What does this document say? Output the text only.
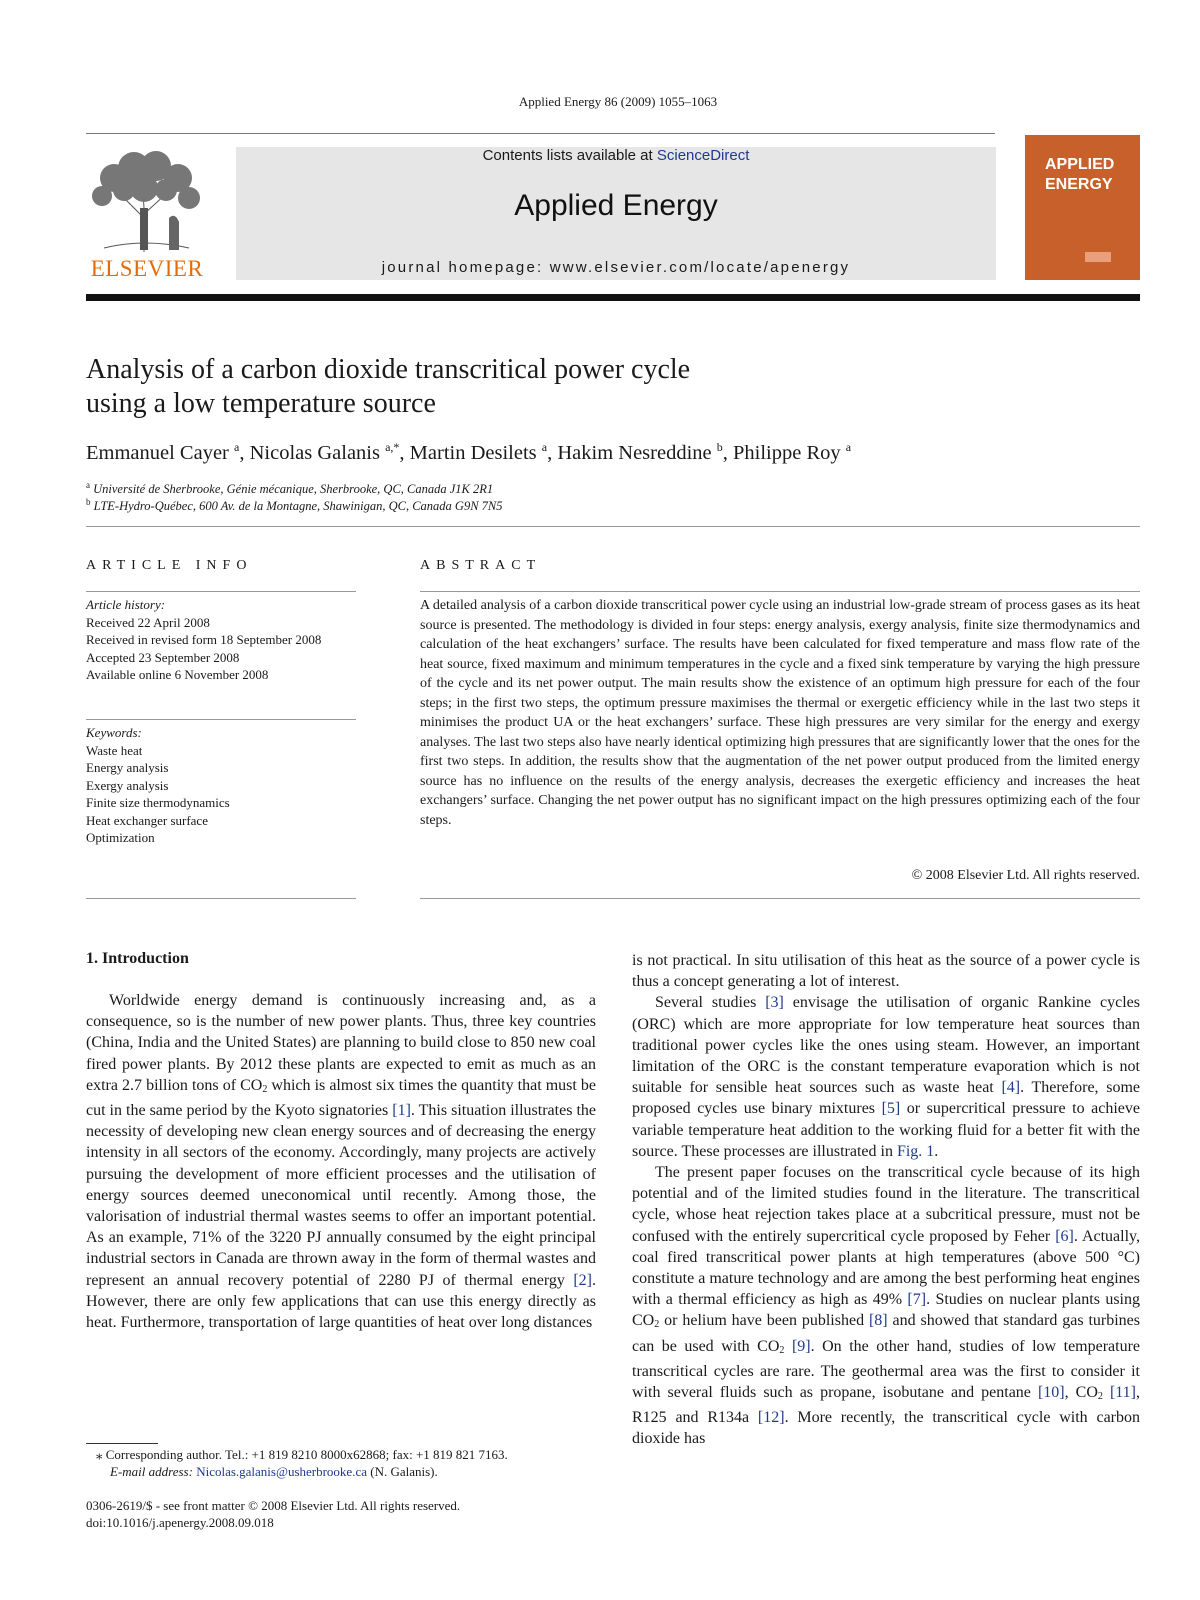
Applied Energy 86 (2009) 1055–1063
ELSEVIER
Contents lists available at ScienceDirect
Applied Energy
journal homepage: www.elsevier.com/locate/apenergy
APPLIED
ENERGY
Analysis of a carbon dioxide transcritical power cycle
using a low temperature source
Emmanuel Cayer $^a$, Nicolas Galanis $^{a,*}$, Martin Desilets $^a$, Hakim Nesreddine $^b$, Philippe Roy $^a$
$^a$ Université de Sherbrooke, Génie mécanique, Sherbrooke, QC, Canada J1K 2R1
$^b$ LTE-Hydro-Québec, 600 Av. de la Montagne, Shawinigan, QC, Canada G9N 7N5
ARTICLE INFO
Article history:
Received 22 April 2008
Received in revised form 18 September 2008
Accepted 23 September 2008
Available online 6 November 2008
Keywords:
Waste heat
Energy analysis
Exergy analysis
Finite size thermodynamics
Heat exchanger surface
Optimization
ABSTRACT
A detailed analysis of a carbon dioxide transcritical power cycle using an industrial low-grade stream of process gases as its heat source is presented. The methodology is divided in four steps: energy analysis, exergy analysis, finite size thermodynamics and calculation of the heat exchangers’ surface. The results have been calculated for fixed temperature and mass flow rate of the heat source, fixed maximum and minimum temperatures in the cycle and a fixed sink temperature by varying the high pressure of the cycle and its net power output. The main results show the existence of an optimum high pressure for each of the four steps; in the first two steps, the optimum pressure maximises the thermal or exergetic efficiency while in the last two steps it minimises the product UA or the heat exchangers’ surface. These high pressures are very similar for the energy and exergy analyses. The last two steps also have nearly identical optimizing high pressures that are significantly lower that the ones for the first two steps. In addition, the results show that the augmentation of the net power output produced from the limited energy source has no influence on the results of the energy analysis, decreases the exergetic efficiency and increases the heat exchangers’ surface. Changing the net power output has no significant impact on the high pressures optimizing each of the four steps.
© 2008 Elsevier Ltd. All rights reserved.
1. Introduction

Worldwide energy demand is continuously increasing and, as a consequence, so is the number of new power plants. Thus, three key countries (China, India and the United States) are planning to build close to 850 new coal fired power plants. By 2012 these plants are expected to emit as much as an extra 2.7 billion tons of $CO_2$ which is almost six times the quantity that must be cut in the same period by the Kyoto signatories [1]. This situation illustrates the necessity of developing new clean energy sources and of decreasing the energy intensity in all sectors of the economy. Accordingly, many projects are actively pursuing the development of more efficient processes and the utilisation of energy sources deemed uneconomical until recently. Among those, the valorisation of industrial thermal wastes seems to offer an important potential. As an example, 71% of the 3220 PJ annually consumed by the eight principal industrial sectors in Canada are thrown away in the form of thermal wastes and represent an annual recovery potential of 2280 PJ of thermal energy [2]. However, there are only few applications that can use this energy directly as heat. Furthermore, transportation of large quantities of heat over long distances

is not practical. In situ utilisation of this heat as the source of a power cycle is thus a concept generating a lot of interest.

Several studies [3] envisage the utilisation of organic Rankine cycles (ORC) which are more appropriate for low temperature heat sources than traditional power cycles like the ones using steam. However, an important limitation of the ORC is the constant temperature evaporation which is not suitable for sensible heat sources such as waste heat [4]. Therefore, some proposed cycles use binary mixtures [5] or supercritical pressure to achieve variable temperature heat addition to the working fluid for a better fit with the source. These processes are illustrated in Fig. 1.

The present paper focuses on the transcritical cycle because of its high potential and of the limited studies found in the literature. The transcritical cycle, whose heat rejection takes place at a subcritical pressure, must not be confused with the entirely supercritical cycle proposed by Feher [6]. Actually, coal fired transcritical power plants at high temperatures (above 500 °C) constitute a mature technology and are among the best performing heat engines with a thermal efficiency as high as 49% [7]. Studies on nuclear plants using $CO_2$ or helium have been published [8] and showed that standard gas turbines can be used with $CO_2$ [9]. On the other hand, studies of low temperature transcritical cycles are rare. The geothermal area was the first to consider it with several fluids such as propane, isobutane and pentane [10], $CO_2$ [11], R125 and R134a [12]. More recently, the transcritical cycle with carbon dioxide has

⁎ Corresponding author. Tel.: +1 819 8210 8000x62868; fax: +1 819 821 7163.
E-mail address: Nicolas.galanis@usherbrooke.ca (N. Galanis).
0306-2619/$ - see front matter © 2008 Elsevier Ltd. All rights reserved.
doi:10.1016/j.apenergy.2008.09.018
